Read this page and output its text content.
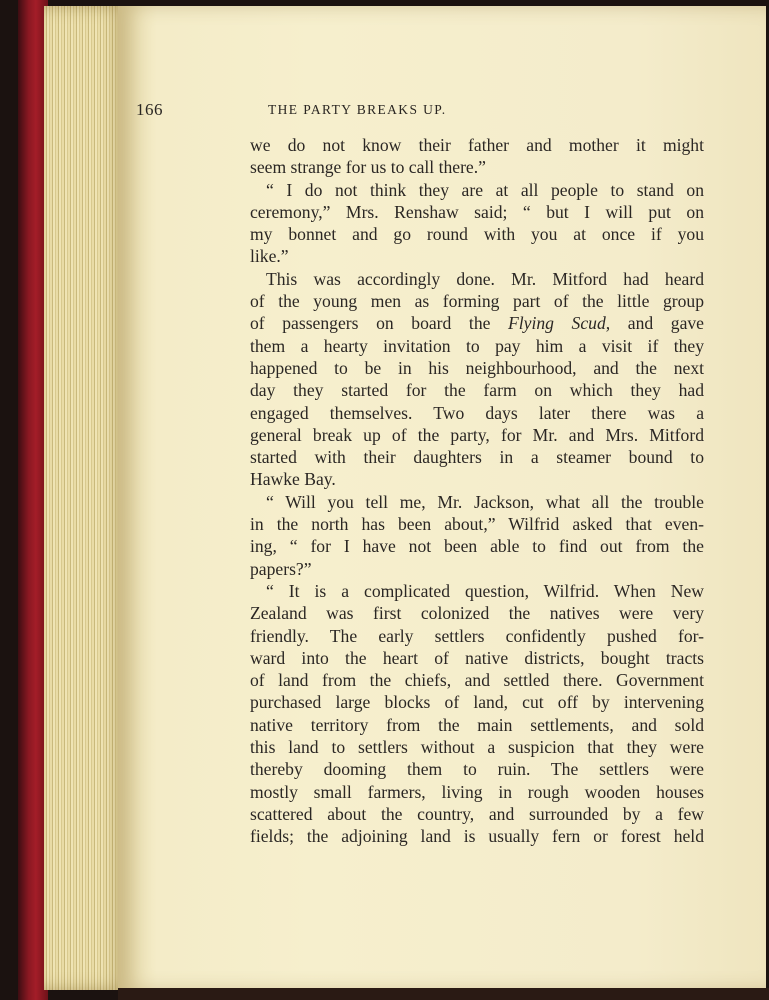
166	THE PARTY BREAKS UP.
we do not know their father and mother it might
seem strange for us to call there.”
“ I do not think they are at all people to stand on
ceremony,” Mrs. Renshaw said; “ but I will put on
my bonnet and go round with you at once if you
like.”
This was accordingly done. Mr. Mitford had heard
of the young men as forming part of the little group
of passengers on board the Flying Scud, and gave
them a hearty invitation to pay him a visit if they
happened to be in his neighbourhood, and the next
day they started for the farm on which they had
engaged themselves. Two days later there was a
general break up of the party, for Mr. and Mrs. Mitford
started with their daughters in a steamer bound to
Hawke Bay.
“ Will you tell me, Mr. Jackson, what all the trouble
in the north has been about,” Wilfrid asked that even-
ing, “ for I have not been able to find out from the
papers?”
“ It is a complicated question, Wilfrid. When New
Zealand was first colonized the natives were very
friendly. The early settlers confidently pushed for-
ward into the heart of native districts, bought tracts
of land from the chiefs, and settled there. Government
purchased large blocks of land, cut off by intervening
native territory from the main settlements, and sold
this land to settlers without a suspicion that they were
thereby dooming them to ruin. The settlers were
mostly small farmers, living in rough wooden houses
scattered about the country, and surrounded by a few
fields; the adjoining land is usually fern or forest held
